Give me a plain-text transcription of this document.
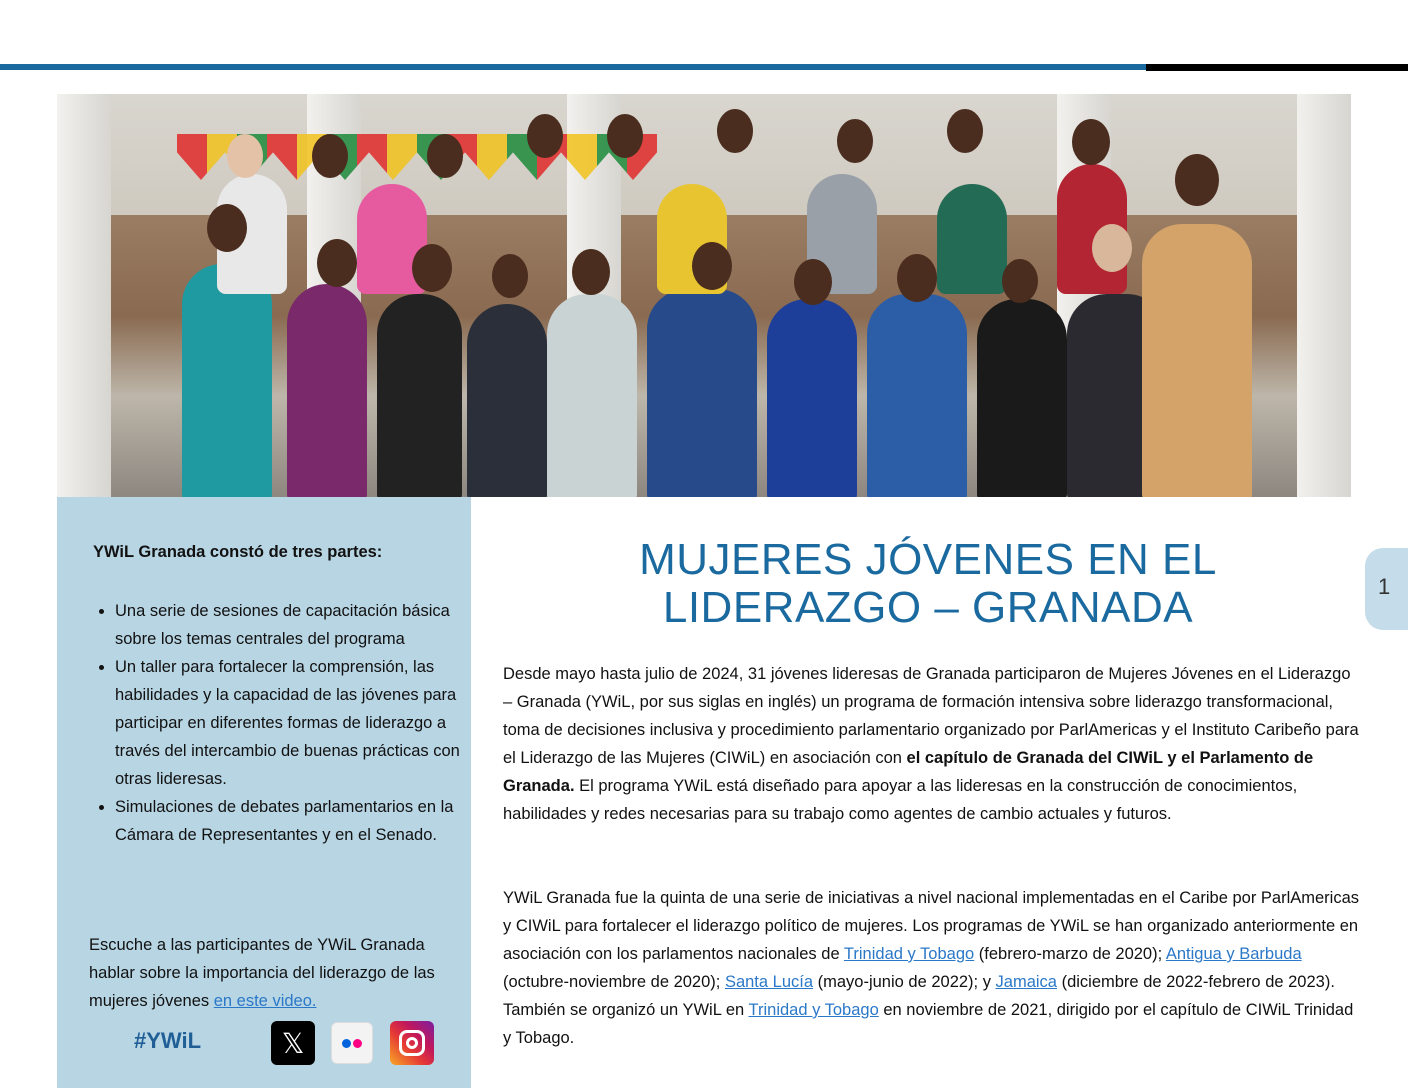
YWiL Granada constó de tres partes:

• Una serie de sesiones de capacitación básica sobre los temas centrales del programa
• Un taller para fortalecer la comprensión, las habilidades y la capacidad de las jóvenes para participar en diferentes formas de liderazgo a través del intercambio de buenas prácticas con otras lideresas.
• Simulaciones de debates parlamentarios en la Cámara de Representantes y en el Senado.

Escuche a las participantes de YWiL Granada hablar sobre la importancia del liderazgo de las mujeres jóvenes en este video.

#YWiL	𝕏
MUJERES JÓVENES EN EL
LIDERAZGO – GRANADA

Desde mayo hasta julio de 2024, 31 jóvenes lideresas de Granada participaron de Mujeres Jóvenes en el Liderazgo – Granada (YWiL, por sus siglas en inglés) un programa de formación intensiva sobre liderazgo transformacional, toma de decisiones inclusiva y procedimiento parlamentario organizado por ParlAmericas y el Instituto Caribeño para el Liderazgo de las Mujeres (CIWiL) en asociación con el capítulo de Granada del CIWiL y el Parlamento de Granada. El programa YWiL está diseñado para apoyar a las lideresas en la construcción de conocimientos, habilidades y redes necesarias para su trabajo como agentes de cambio actuales y futuros.

YWiL Granada fue la quinta de una serie de iniciativas a nivel nacional implementadas en el Caribe por ParlAmericas y CIWiL para fortalecer el liderazgo político de mujeres. Los programas de YWiL se han organizado anteriormente en asociación con los parlamentos nacionales de Trinidad y Tobago (febrero-marzo de 2020); Antigua y Barbuda (octubre-noviembre de 2020); Santa Lucía (mayo-junio de 2022); y Jamaica (diciembre de 2022-febrero de 2023). También se organizó un YWiL en Trinidad y Tobago en noviembre de 2021, dirigido por el capítulo de CIWiL Trinidad y Tobago.

1
